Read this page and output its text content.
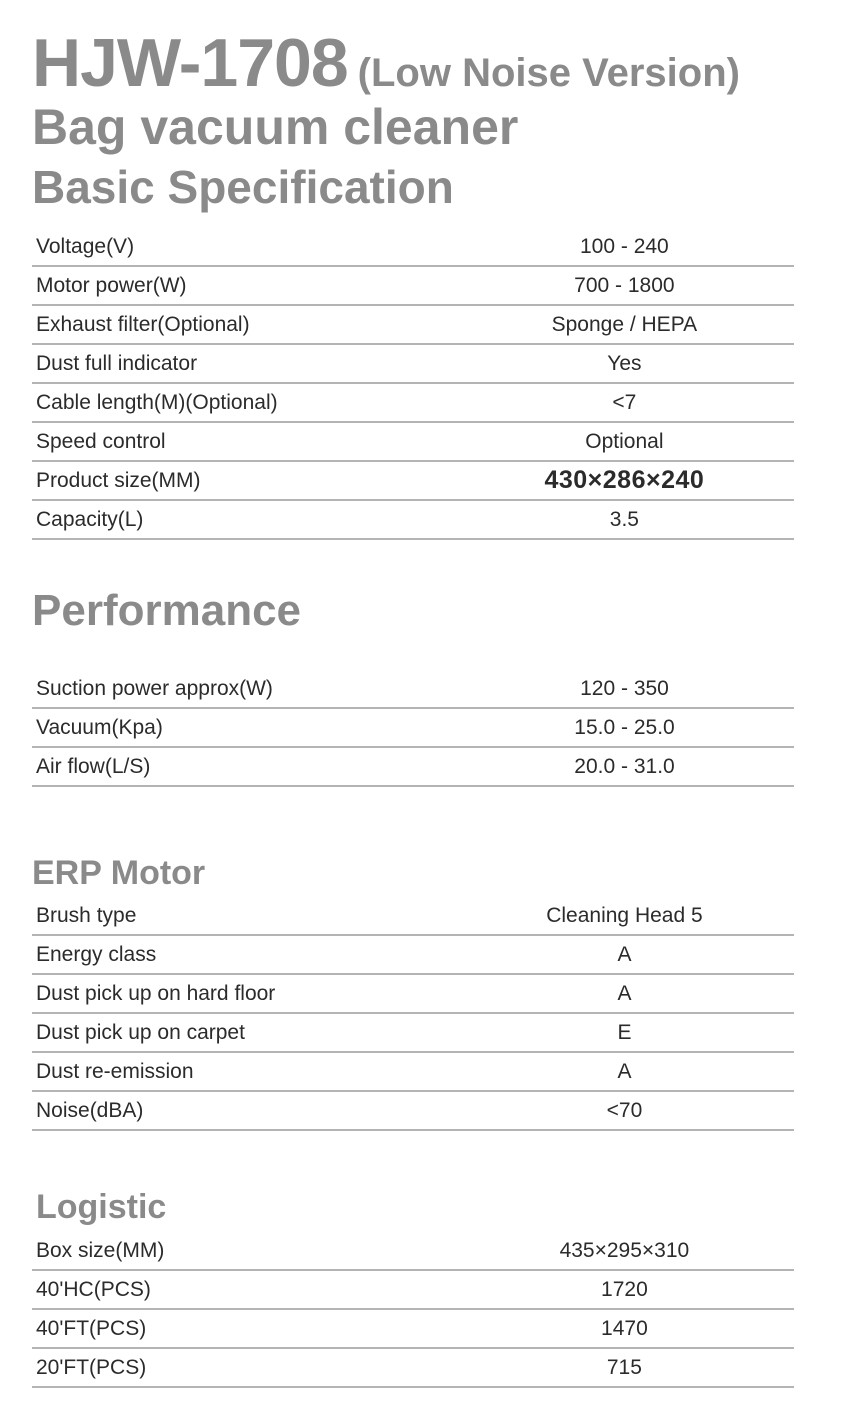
HJW-1708 (Low Noise Version)
Bag vacuum cleaner
Basic Specification
Voltage(V)	100 - 240
Motor power(W)	700 - 1800
Exhaust filter(Optional)	Sponge / HEPA
Dust full indicator	Yes
Cable length(M)(Optional)	<7
Speed control	Optional
Product size(MM)	430×286×240
Capacity(L)	3.5
Performance
Suction power approx(W)	120 - 350
Vacuum(Kpa)	15.0 - 25.0
Air flow(L/S)	20.0 - 31.0
ERP Motor
Brush type	Cleaning Head 5
Energy class	A
Dust pick up on hard floor	A
Dust pick up on carpet	E
Dust re-emission	A
Noise(dBA)	<70
Logistic
Box size(MM)	435×295×310
40'HC(PCS)	1720
40'FT(PCS)	1470
20'FT(PCS)	715
